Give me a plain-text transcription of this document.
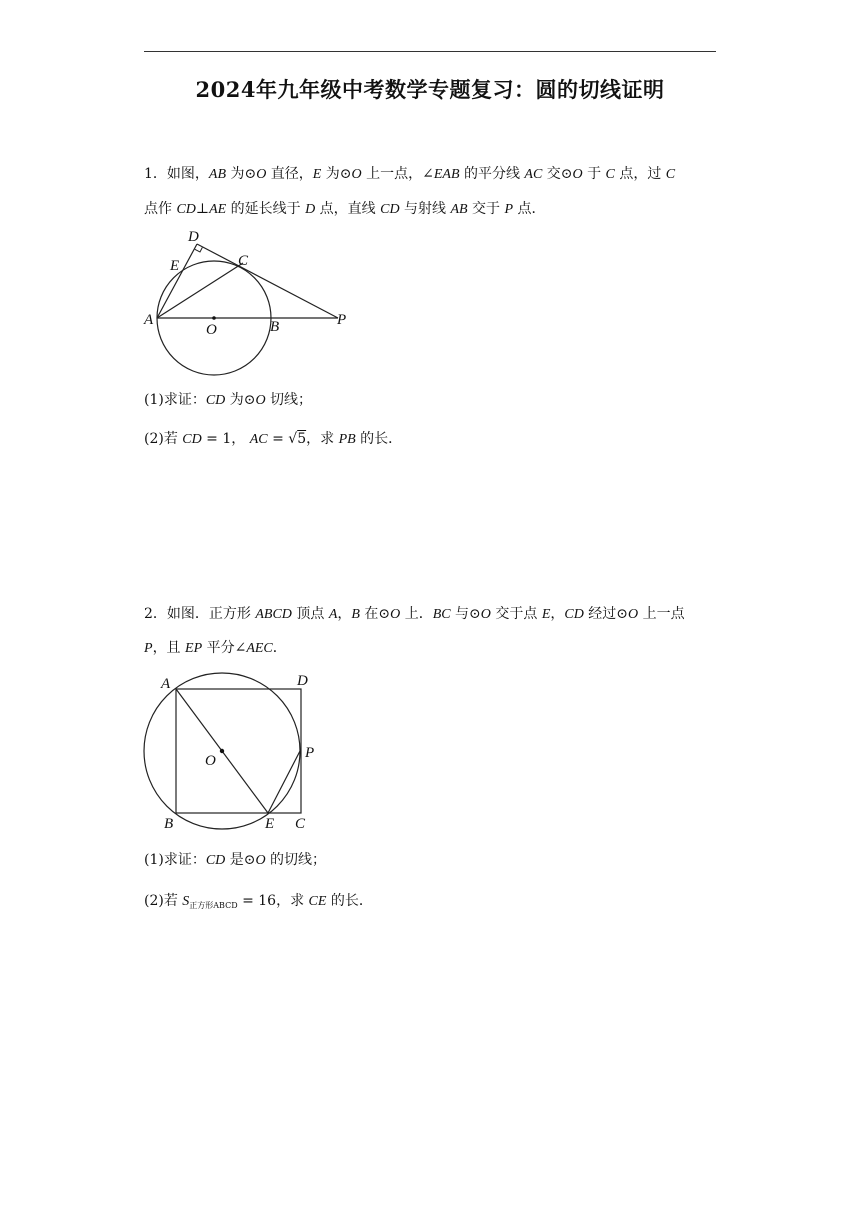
2024年九年级中考数学专题复习：圆的切线证明
1．如图，AB 为⊙O 直径，E 为⊙O 上一点，∠EAB 的平分线 AC 交⊙O 于 C 点，过 C
点作 CD⊥AE 的延长线于 D 点，直线 CD 与射线 AB 交于 P 点．
D
E	C
A
O	B	P
(1)求证：CD 为⊙O 切线；
(2)若 CD = 1， AC = √5，求 PB 的长．
2．如图．正方形 ABCD 顶点 A，B 在⊙O 上．BC 与⊙O 交于点 E，CD 经过⊙O 上一点
P，且 EP 平分∠AEC．
A	D
O	P
B	E C
(1)求证：CD 是⊙O 的切线；
(2)若 $S_{正方形ABCD} = 16$，求 CE 的长．
